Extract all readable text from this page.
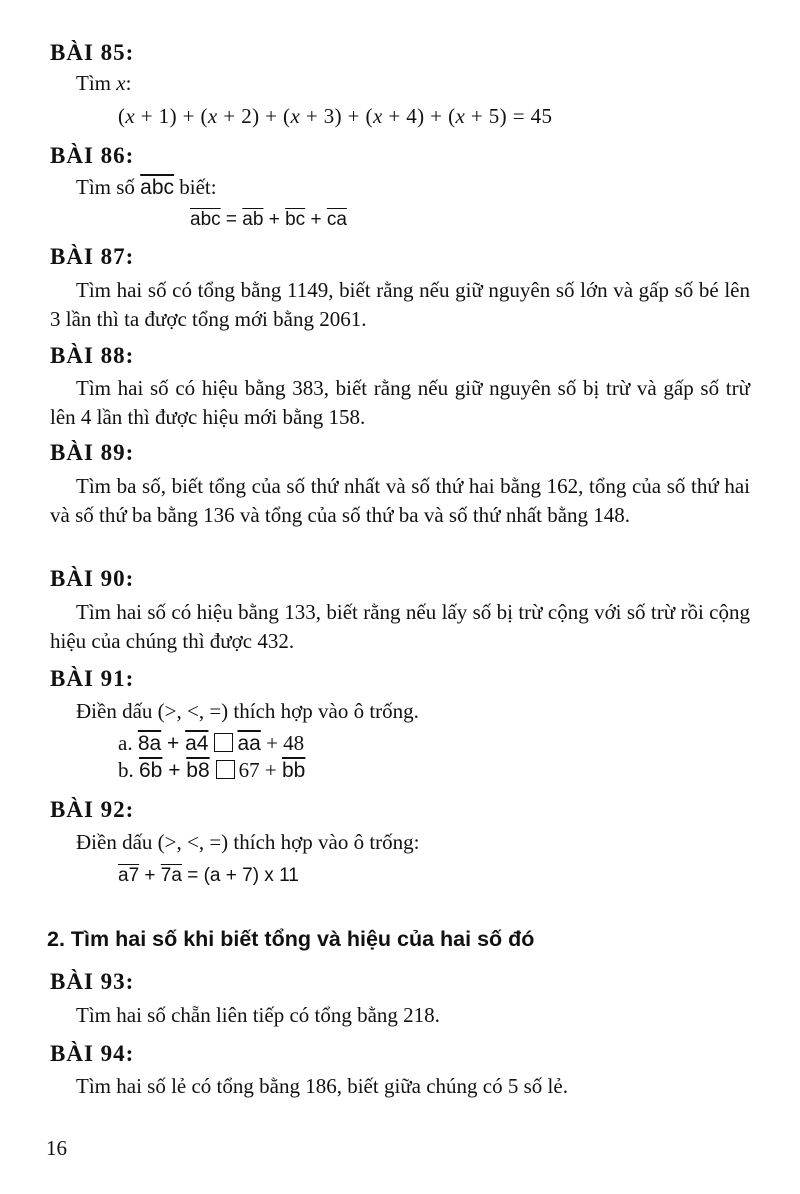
BÀI 85:
Tìm x:
(x + 1) + (x + 2) + (x + 3) + (x + 4) + (x + 5) = 45
BÀI 86:
Tìm số $\overline{abc}$ biết:
$\overline{abc} = \overline{ab} + \overline{bc} + \overline{ca}$
BÀI 87:
Tìm hai số có tổng bằng 1149, biết rằng nếu giữ nguyên số lớn và gấp số bé lên 3 lần thì ta được tổng mới bằng 2061.
BÀI 88:
Tìm hai số có hiệu bằng 383, biết rằng nếu giữ nguyên số bị trừ và gấp số trừ lên 4 lần thì được hiệu mới bằng 158.
BÀI 89:
Tìm ba số, biết tổng của số thứ nhất và số thứ hai bằng 162, tổng của số thứ hai và số thứ ba bằng 136 và tổng của số thứ ba và số thứ nhất bằng 148.
BÀI 90:
Tìm hai số có hiệu bằng 133, biết rằng nếu lấy số bị trừ cộng với số trừ rồi cộng hiệu của chúng thì được 432.
BÀI 91:
Điền dấu (>, <, =) thích hợp vào ô trống.
a. 8a + a4 $\overline{aa} + 48$
b. 6b + b8 $67 + \overline{bb}$
BÀI 92:
Điền dấu (>, <, =) thích hợp vào ô trống:
a7 + 7a = (a + 7) x 11
2. Tìm hai số khi biết tổng và hiệu của hai số đó
BÀI 93:
Tìm hai số chẵn liên tiếp có tổng bằng 218.
BÀI 94:
Tìm hai số lẻ có tổng bằng 186, biết giữa chúng có 5 số lẻ.
16
